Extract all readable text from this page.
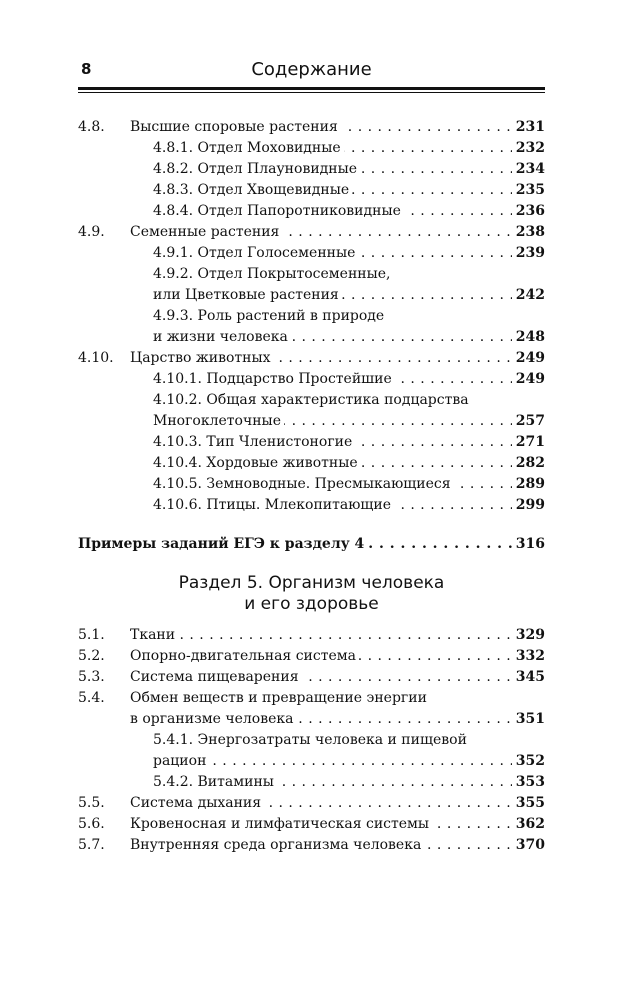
8	Содержание
4.8. Высшие споровые растения . . .	231
4.8.1. Отдел Моховидные . . .	232
4.8.2. Отдел Плауновидные . . .	234
4.8.3. Отдел Хвощевидные . . .	235
4.8.4. Отдел Папоротниковидные . . .	236
4.9. Семенные растения . . .	238
4.9.1. Отдел Голосеменные . . .	239
4.9.2. Отдел Покрытосеменные,
или Цветковые растения . . .	242
4.9.3. Роль растений в природе
и жизни человека . . .	248
4.10. Царство животных . . .	249
4.10.1. Подцарство Простейшие . . .	249
4.10.2. Общая характеристика подцарства
Многоклеточные . . .	257
4.10.3. Тип Членистоногие . . .	271
4.10.4. Хордовые животные . . .	282
4.10.5. Земноводные. Пресмыкающиеся . . .	289
4.10.6. Птицы. Млекопитающие . . .	299
Примеры заданий ЕГЭ к разделу 4 . . .	316
Раздел 5. Организм человека
и его здоровье
5.1. Ткани . . .	329
5.2. Опорно-двигательная система . . .	332
5.3. Система пищеварения . . .	345
5.4. Обмен веществ и превращение энергии
в организме человека . . .	351
5.4.1. Энергозатраты человека и пищевой
рацион . . .	352
5.4.2. Витамины . . .	353
5.5. Система дыхания . . .	355
5.6. Кровеносная и лимфатическая системы . . .	362
5.7. Внутренняя среда организма человека . . .	370
